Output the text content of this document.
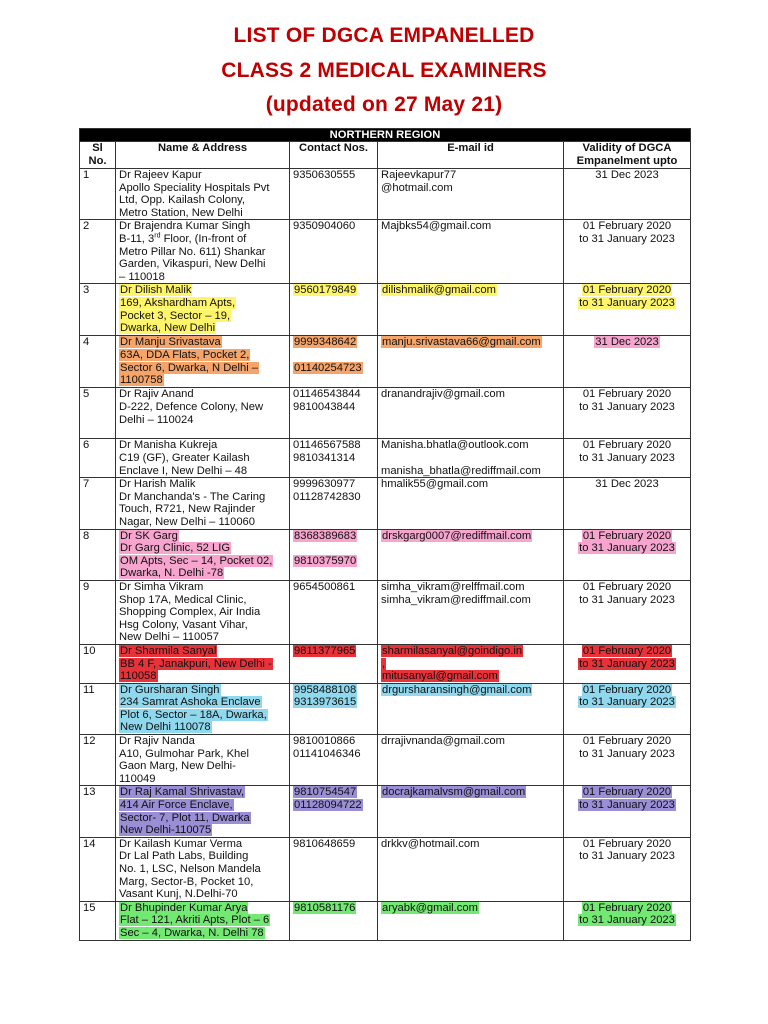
LIST OF DGCA EMPANELLED
CLASS 2 MEDICAL EXAMINERS
(updated on 27 May 21)
NORTHERN REGION				

Sl
No.	Name & Address	Contact Nos.	E-mail id	Validity of DGCA
Empanelment upto

1	Dr Rajeev Kapur
Apollo Speciality Hospitals Pvt
Ltd, Opp. Kailash Colony,
Metro Station, New Delhi	9350630555	Rajeevkapur77
@hotmail.com	31 Dec 2023

2	Dr Brajendra Kumar Singh
B-11, 3rd Floor, (In-front of
Metro Pillar No. 611) Shankar
Garden, Vikaspuri, New Delhi
– 110018	9350904060	Majbks54@gmail.com	01 February 2020
to 31 January 2023

3	Dr Dilish Malik
169, Akshardham Apts,
Pocket 3, Sector – 19,
Dwarka, New Delhi	9560179849	dilishmalik@gmail.com	01 February 2020
to 31 January 2023

4	Dr Manju Srivastava
63A, DDA Flats, Pocket 2,
Sector 6, Dwarka, N Delhi –
1100758	9999348642
01140254723	manju.srivastava66@gmail.com	31 Dec 2023

5	Dr Rajiv Anand
D-222, Defence Colony, New
Delhi – 110024	01146543844
9810043844	dranandrajiv@gmail.com	01 February 2020
to 31 January 2023

6	Dr Manisha Kukreja
C19 (GF), Greater Kailash
Enclave I, New Delhi – 48	01146567588
9810341314	Manisha.bhatla@outlook.com
manisha_bhatla@rediffmail.com	01 February 2020
to 31 January 2023

7	Dr Harish Malik
Dr Manchanda's - The Caring
Touch, R721, New Rajinder
Nagar, New Delhi – 110060	9999630977
01128742830	hmalik55@gmail.com	31 Dec 2023

8	Dr SK Garg
Dr Garg Clinic, 52 LIG
OM Apts, Sec – 14, Pocket 02,
Dwarka, N. Delhi -78	8368389683
9810375970	drskgarg0007@rediffmail.com	01 February 2020
to 31 January 2023

9	Dr Simha Vikram
Shop 17A, Medical Clinic,
Shopping Complex, Air India
Hsg Colony, Vasant Vihar,
New Delhi – 110057	9654500861	simha_vikram@relffmail.com
simha_vikram@rediffmail.com	01 February 2020
to 31 January 2023

10	Dr Sharmila Sanyal
BB 4 F, Janakpuri, New Delhi -
110058	9811377965	sharmilasanyal@goindigo.in
,
mitusanyal@gmail.com	01 February 2020
to 31 January 2023

11	Dr Gursharan Singh
234 Samrat Ashoka Enclave
Plot 6, Sector – 18A, Dwarka,
New Delhi 110078	9958488108
9313973615	drgursharansingh@gmail.com	01 February 2020
to 31 January 2023

12	Dr Rajiv Nanda
A10, Gulmohar Park, Khel
Gaon Marg, New Delhi-
110049	9810010866
01141046346	drrajivnanda@gmail.com	01 February 2020
to 31 January 2023

13	Dr Raj Kamal Shrivastav,
414 Air Force Enclave,
Sector- 7, Plot 11, Dwarka
New Delhi-110075	9810754547
01128094722	docrajkamalvsm@gmail.com	01 February 2020
to 31 January 2023

14	Dr Kailash Kumar Verma
Dr Lal Path Labs, Building
No. 1, LSC, Nelson Mandela
Marg, Sector-B, Pocket 10,
Vasant Kunj, N.Delhi-70	9810648659	drkkv@hotmail.com	01 February 2020
to 31 January 2023

15	Dr Bhupinder Kumar Arya
Flat – 121, Akriti Apts, Plot – 6
Sec – 4, Dwarka, N. Delhi 78	9810581176	aryabk@gmail.com	01 February 2020
to 31 January 2023
